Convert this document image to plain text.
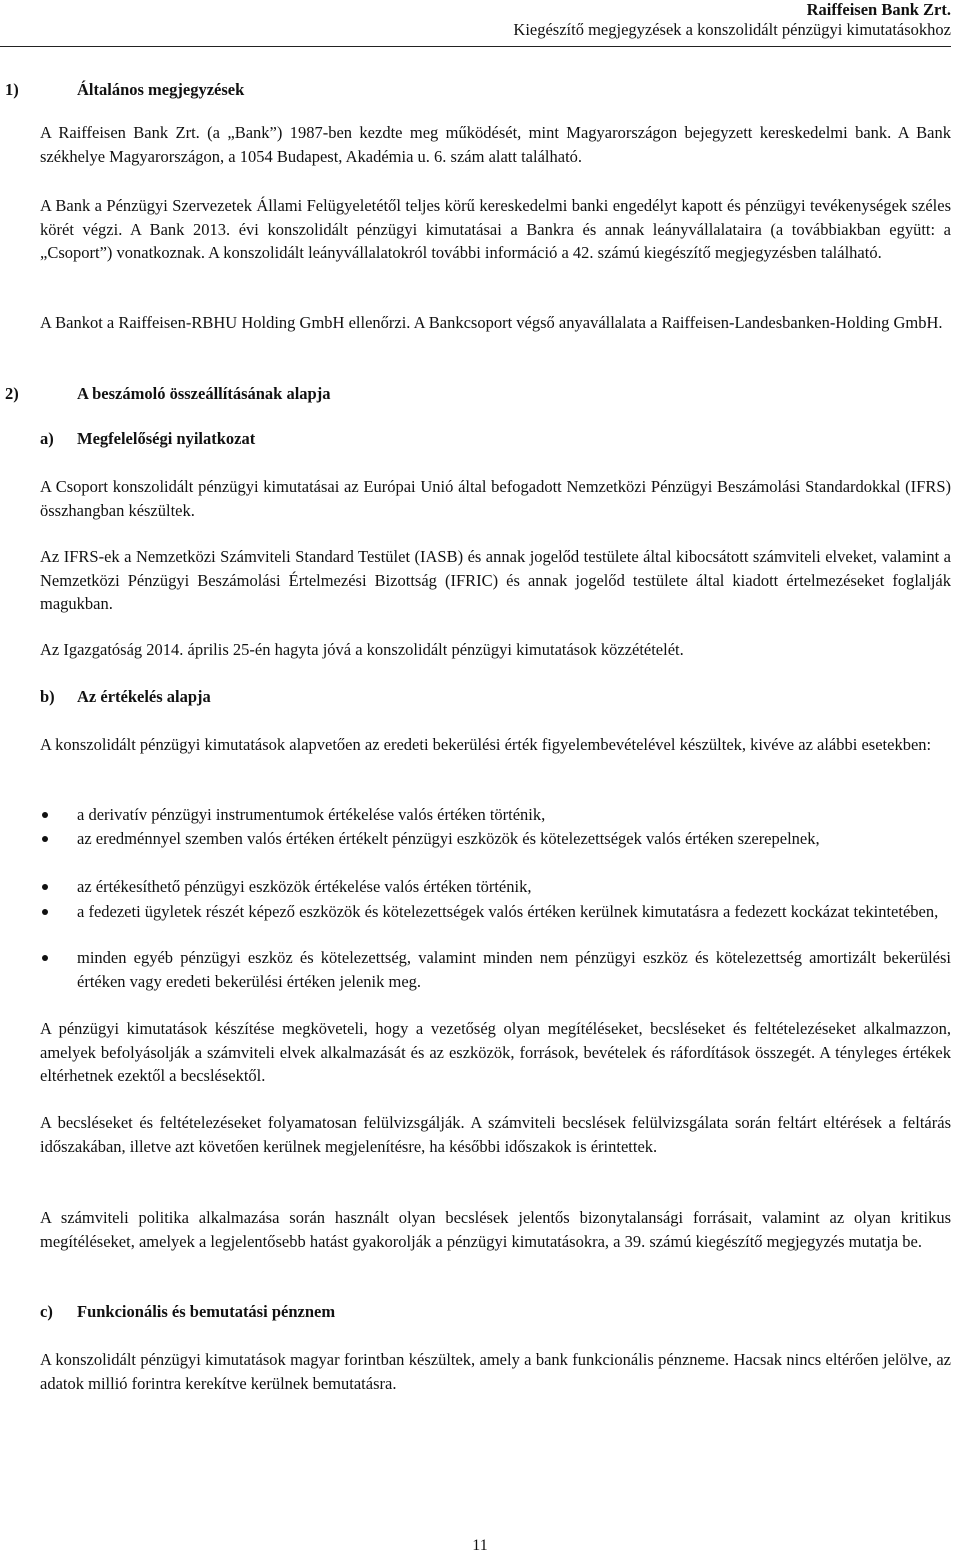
Raiffeisen Bank Zrt.
Kiegészítő megjegyzések a konszolidált pénzügyi kimutatásokhoz
1)	Általános megjegyzések
A Raiffeisen Bank Zrt. (a „Bank”) 1987-ben kezdte meg működését, mint Magyarországon bejegyzett kereskedelmi bank. A Bank székhelye Magyarországon, a 1054 Budapest, Akadémia u. 6. szám alatt található.
A Bank a Pénzügyi Szervezetek Állami Felügyeletétől teljes körű kereskedelmi banki engedélyt kapott és pénzügyi tevékenységek széles körét végzi. A Bank 2013. évi konszolidált pénzügyi kimutatásai a Bankra és annak leányvállalataira (a továbbiakban együtt: a „Csoport”) vonatkoznak. A konszolidált leányvállalatokról további információ a 42. számú kiegészítő megjegyzésben található.
A Bankot a Raiffeisen-RBHU Holding GmbH ellenőrzi. A Bankcsoport végső anyavállalata a Raiffeisen-Landesbanken-Holding GmbH.
2)	A beszámoló összeállításának alapja
a) Megfelelőségi nyilatkozat
A Csoport konszolidált pénzügyi kimutatásai az Európai Unió által befogadott Nemzetközi Pénzügyi Beszámolási Standardokkal (IFRS) összhangban készültek.
Az IFRS-ek a Nemzetközi Számviteli Standard Testület (IASB) és annak jogelőd testülete által kibocsátott számviteli elveket, valamint a Nemzetközi Pénzügyi Beszámolási Értelmezési Bizottság (IFRIC) és annak jogelőd testülete által kiadott értelmezéseket foglalják magukban.
Az Igazgatóság 2014. április 25-én hagyta jóvá a konszolidált pénzügyi kimutatások közzétételét.
b) Az értékelés alapja
A konszolidált pénzügyi kimutatások alapvetően az eredeti bekerülési érték figyelembevételével készültek, kivéve az alábbi esetekben:
a derivatív pénzügyi instrumentumok értékelése valós értéken történik,
az eredménnyel szemben valós értéken értékelt pénzügyi eszközök és kötelezettségek valós értéken szerepelnek,
az értékesíthető pénzügyi eszközök értékelése valós értéken történik,
a fedezeti ügyletek részét képező eszközök és kötelezettségek valós értéken kerülnek kimutatásra a fedezett kockázat tekintetében,
minden egyéb pénzügyi eszköz és kötelezettség, valamint minden nem pénzügyi eszköz és kötelezettség amortizált bekerülési értéken vagy eredeti bekerülési értéken jelenik meg.
A pénzügyi kimutatások készítése megköveteli, hogy a vezetőség olyan megítéléseket, becsléseket és feltételezéseket alkalmazzon, amelyek befolyásolják a számviteli elvek alkalmazását és az eszközök, források, bevételek és ráfordítások összegét. A tényleges értékek eltérhetnek ezektől a becslésektől.
A becsléseket és feltételezéseket folyamatosan felülvizsgálják. A számviteli becslések felülvizsgálata során feltárt eltérések a feltárás időszakában, illetve azt követően kerülnek megjelenítésre, ha későbbi időszakok is érintettek.
A számviteli politika alkalmazása során használt olyan becslések jelentős bizonytalansági forrásait, valamint az olyan kritikus megítéléseket, amelyek a legjelentősebb hatást gyakorolják a pénzügyi kimutatásokra, a 39. számú kiegészítő megjegyzés mutatja be.
c) Funkcionális és bemutatási pénznem
A konszolidált pénzügyi kimutatások magyar forintban készültek, amely a bank funkcionális pénzneme. Hacsak nincs eltérően jelölve, az adatok millió forintra kerekítve kerülnek bemutatásra.
11
